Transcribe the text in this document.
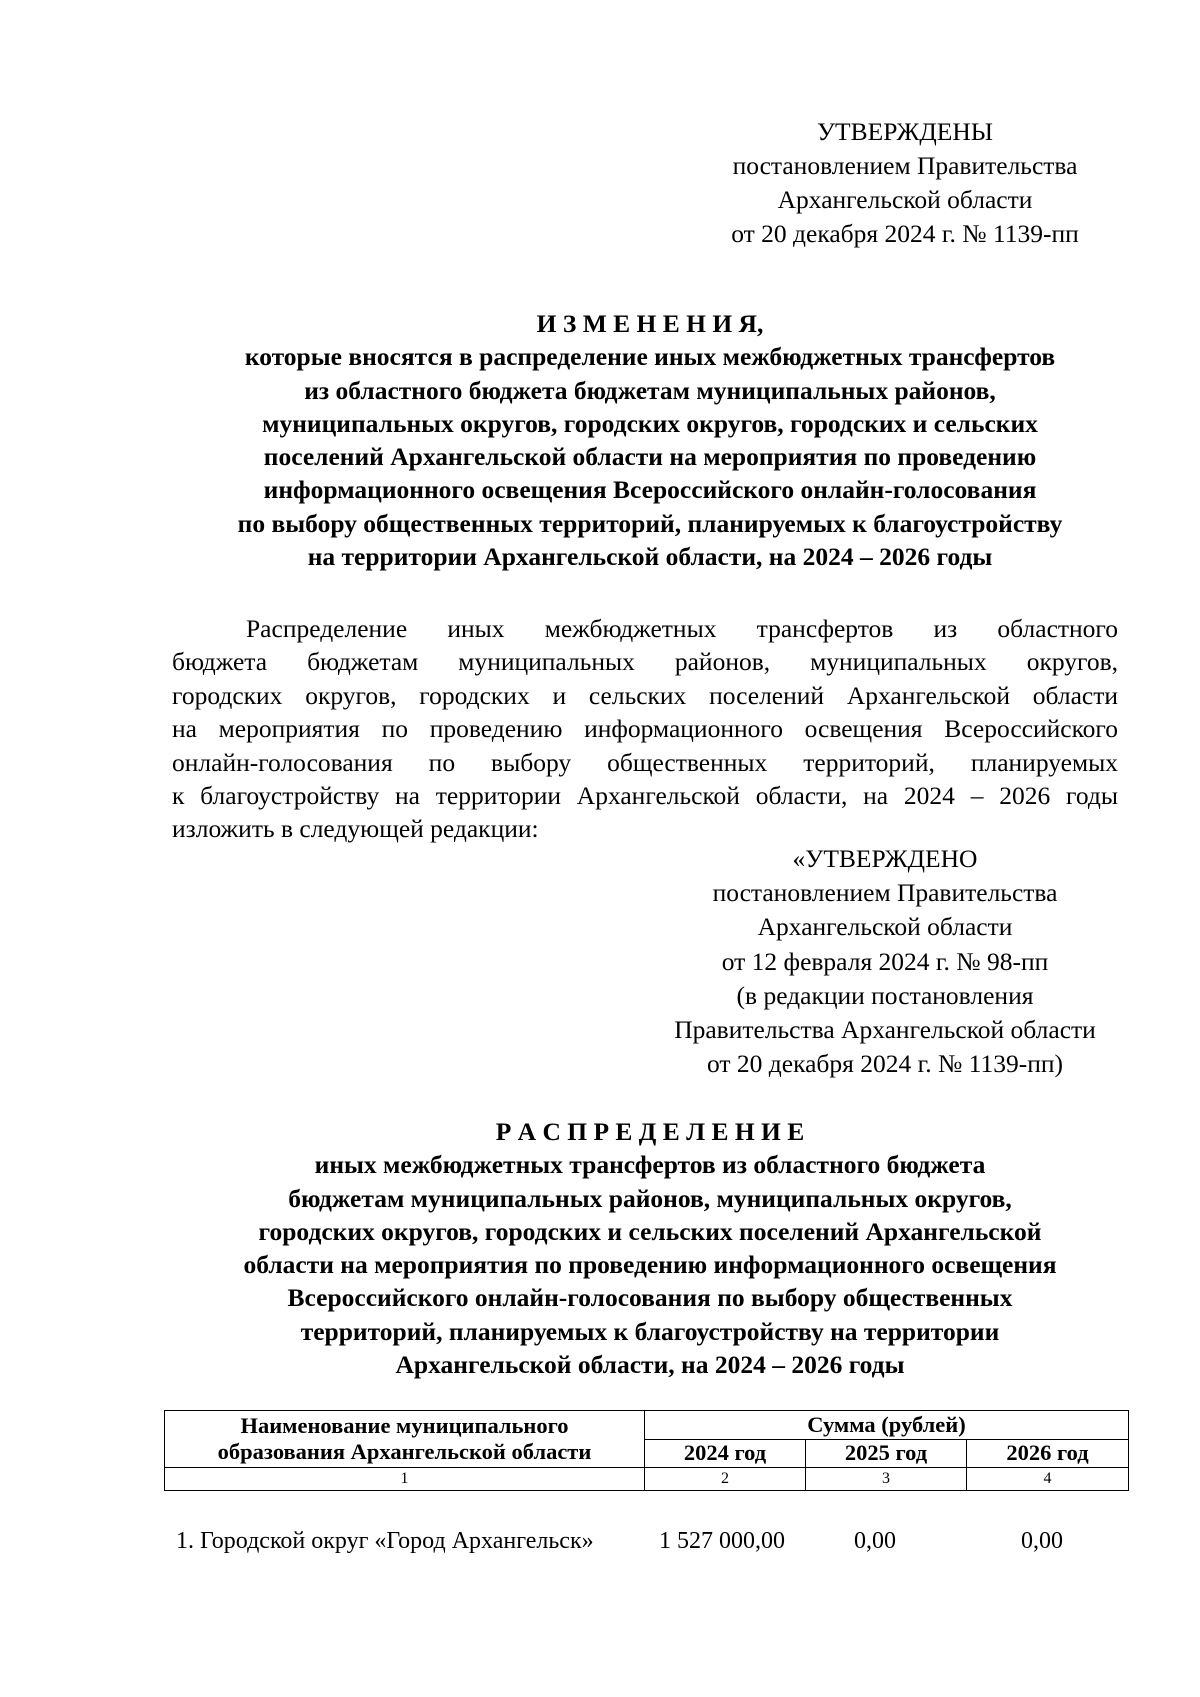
УТВЕРЖДЕНЫ
постановлением Правительства
Архангельской области
от 20 декабря 2024 г. № 1139-пп
И З М Е Н Е Н И Я,
которые вносятся в распределение иных межбюджетных трансфертов
из областного бюджета бюджетам муниципальных районов,
муниципальных округов, городских округов, городских и сельских
поселений Архангельской области на мероприятия по проведению
информационного освещения Всероссийского онлайн-голосования
по выбору общественных территорий, планируемых к благоустройству
на территории Архангельской области, на 2024 – 2026 годы
Распределение иных межбюджетных трансфертов из областного
бюджета бюджетам муниципальных районов, муниципальных округов,
городских округов, городских и сельских поселений Архангельской области
на мероприятия по проведению информационного освещения Всероссийского
онлайн-голосования по выбору общественных территорий, планируемых
к благоустройству на территории Архангельской области, на 2024 – 2026 годы
изложить в следующей редакции:
«УТВЕРЖДЕНО
постановлением Правительства
Архангельской области
от 12 февраля 2024 г. № 98-пп
(в редакции постановления
Правительства Архангельской области
от 20 декабря 2024 г. № 1139-пп)
Р А С П Р Е Д Е Л Е Н И Е
иных межбюджетных трансфертов из областного бюджета
бюджетам муниципальных районов, муниципальных округов,
городских округов, городских и сельских поселений Архангельской
области на мероприятия по проведению информационного освещения
Всероссийского онлайн-голосования по выбору общественных
территорий, планируемых к благоустройству на территории
Архангельской области, на 2024 – 2026 годы
Наименование муниципального
образования Архангельской области	Сумма (рублей)		
	2024 год	2025 год	2026 год
1	2	3	4
1. Городской округ «Город Архангельск»	1 527 000,00	0,00	0,00
